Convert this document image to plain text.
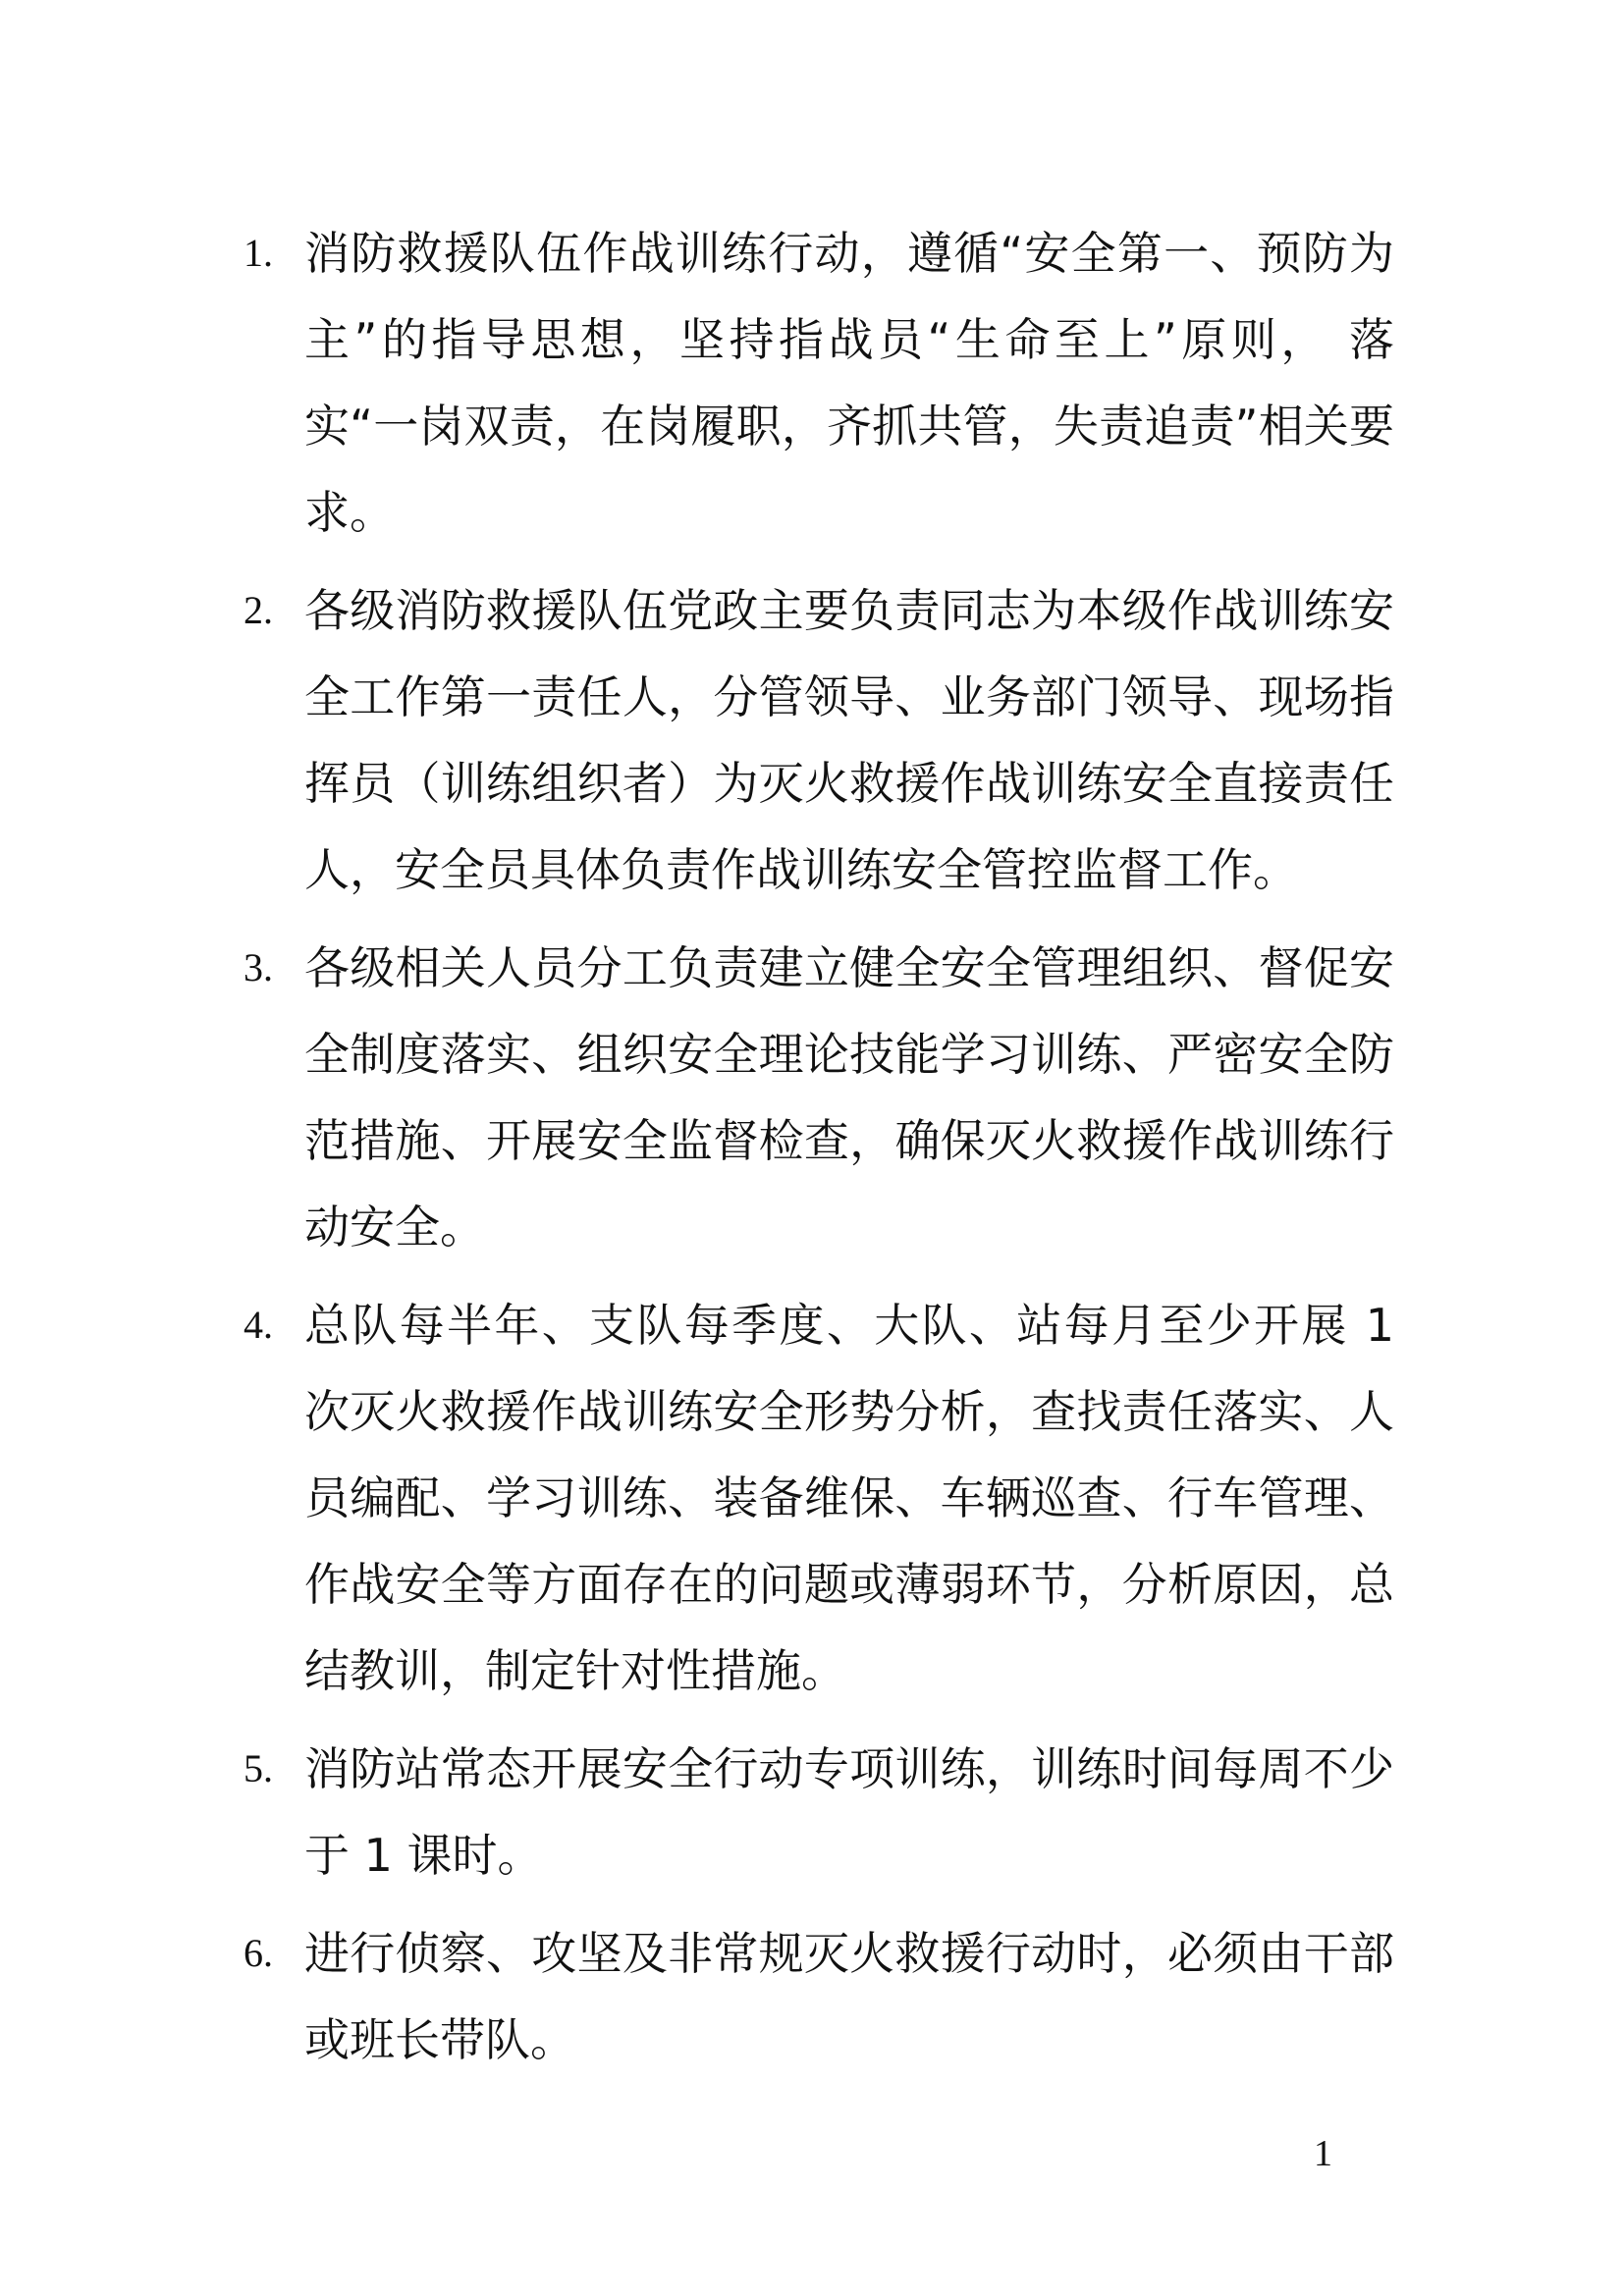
1. 消防救援队伍作战训练行动，遵循“安全第一、预防为主”的指导思想，坚持指战员“生命至上”原则， 落实“一岗双责，在岗履职，齐抓共管，失责追责”相关要求。
2. 各级消防救援队伍党政主要负责同志为本级作战训练安全工作第一责任人，分管领导、业务部门领导、现场指挥员（训练组织者）为灭火救援作战训练安全直接责任人，安全员具体负责作战训练安全管控监督工作。
3. 各级相关人员分工负责建立健全安全管理组织、督促安全制度落实、组织安全理论技能学习训练、严密安全防范措施、开展安全监督检查，确保灭火救援作战训练行动安全。
4. 总队每半年、支队每季度、大队、站每月至少开展 1 次灭火救援作战训练安全形势分析，查找责任落实、人员编配、学习训练、装备维保、车辆巡查、行车管理、作战安全等方面存在的问题或薄弱环节，分析原因，总结教训，制定针对性措施。
5. 消防站常态开展安全行动专项训练，训练时间每周不少于 1 课时。
6. 进行侦察、攻坚及非常规灭火救援行动时，必须由干部或班长带队。
1
